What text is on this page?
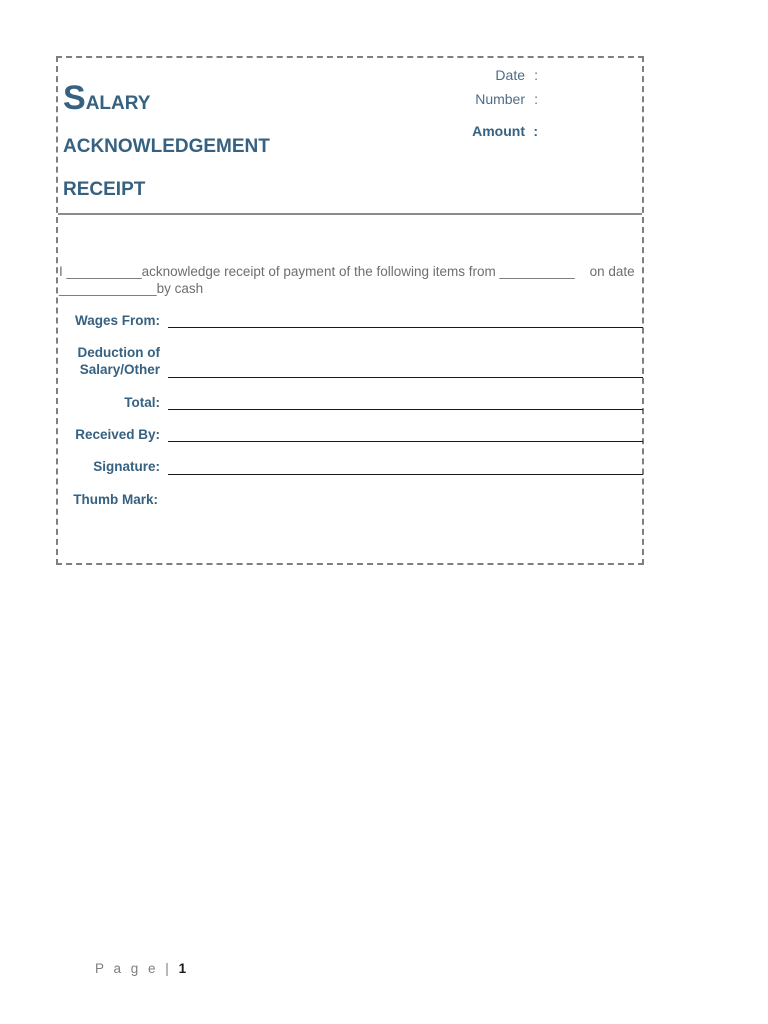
Salary
acknowledgement
receipt
Date :
Number :
Amount :
I __________acknowledge receipt of payment of the following items from __________    on date
_____________by cash
Wages From:
Deduction of
Salary/Other
Total:
Received By:
Signature:
Thumb Mark:
P a g e | 1
